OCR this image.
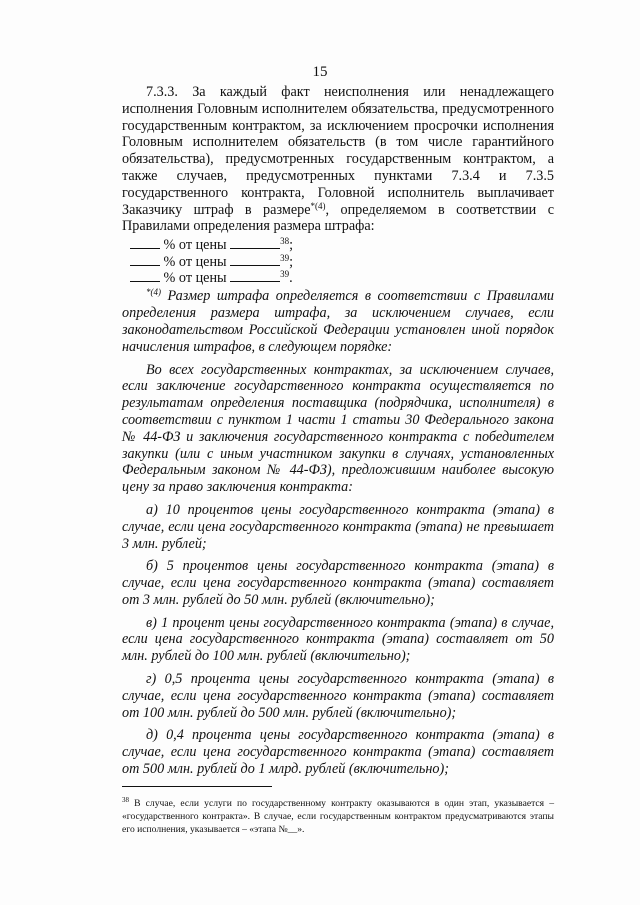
15

7.3.3. За каждый факт неисполнения или ненадлежащего исполнения Головным исполнителем обязательства, предусмотренного государственным контрактом, за исключением просрочки исполнения Головным исполнителем обязательств (в том числе гарантийного обязательства), предусмотренных государственным контрактом, а также случаев, предусмотренных пунктами 7.3.4 и 7.3.5 государственного контракта, Головной исполнитель выплачивает Заказчику штраф в размере$^{*(4)}$, определяемом в соответствии с Правилами определения размера штрафа:

% от цены	$^{38}$;
% от цены	$^{39}$;
% от цены	$^{39}$.

$^{*(4)}$ Размер штрафа определяется в соответствии с Правилами определения размера штрафа, за исключением случаев, если законодательством Российской Федерации установлен иной порядок начисления штрафов, в следующем порядке:

Во всех государственных контрактах, за исключением случаев, если заключение государственного контракта осуществляется по результатам определения поставщика (подрядчика, исполнителя) в соответствии с пунктом 1 части 1 статьи 30 Федерального закона № 44-ФЗ и заключения государственного контракта с победителем закупки (или с иным участником закупки в случаях, установленных Федеральным законом № 44-ФЗ), предложившим наиболее высокую цену за право заключения контракта:

а) 10 процентов цены государственного контракта (этапа) в случае, если цена государственного контракта (этапа) не превышает 3 млн. рублей;

б) 5 процентов цены государственного контракта (этапа) в случае, если цена государственного контракта (этапа) составляет от 3 млн. рублей до 50 млн. рублей (включительно);

в) 1 процент цены государственного контракта (этапа) в случае, если цена государственного контракта (этапа) составляет от 50 млн. рублей до 100 млн. рублей (включительно);

г) 0,5 процента цены государственного контракта (этапа) в случае, если цена государственного контракта (этапа) составляет от 100 млн. рублей до 500 млн. рублей (включительно);

д) 0,4 процента цены государственного контракта (этапа) в случае, если цена государственного контракта (этапа) составляет от 500 млн. рублей до 1 млрд. рублей (включительно);

$^{38}$ В случае, если услуги по государственному контракту оказываются в один этап, указывается – «государственного контракта». В случае, если государственным контрактом предусматриваются этапы его исполнения, указывается – «этапа №__».
